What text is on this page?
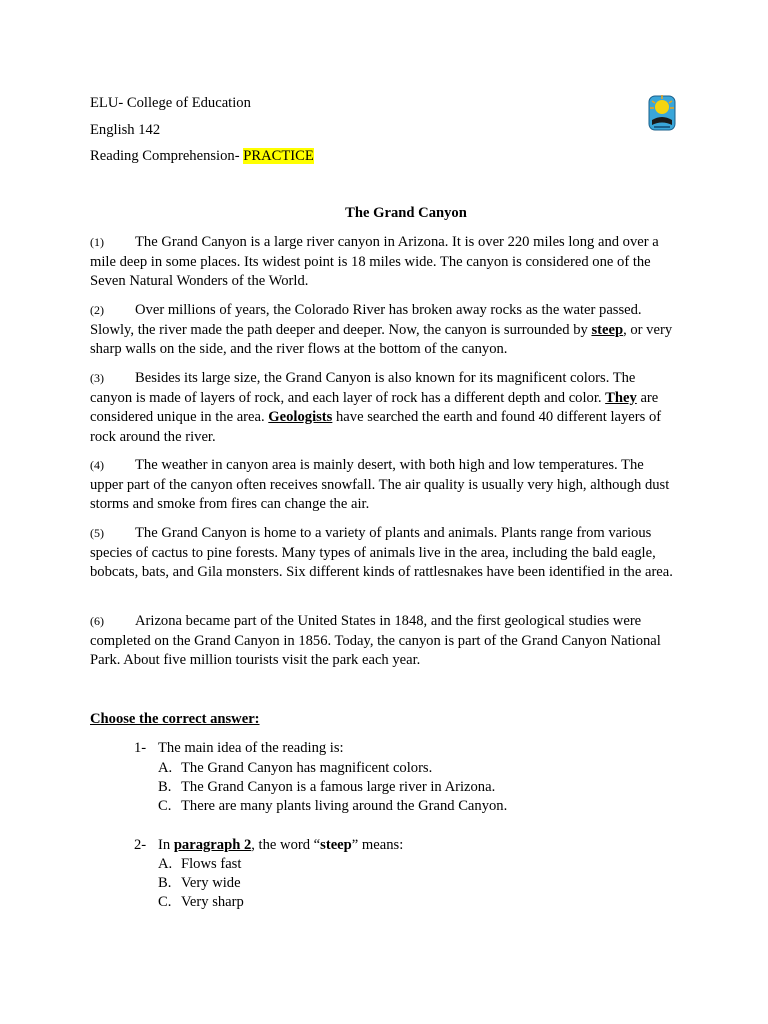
ELU- College of Education
English 142
Reading Comprehension- PRACTICE
The Grand Canyon
(1) The Grand Canyon is a large river canyon in Arizona. It is over 220 miles long and over a mile deep in some places. Its widest point is 18 miles wide. The canyon is considered one of the Seven Natural Wonders of the World.
(2) Over millions of years, the Colorado River has broken away rocks as the water passed. Slowly, the river made the path deeper and deeper. Now, the canyon is surrounded by steep, or very sharp walls on the side, and the river flows at the bottom of the canyon.
(3) Besides its large size, the Grand Canyon is also known for its magnificent colors. The canyon is made of layers of rock, and each layer of rock has a different depth and color. They are considered unique in the area. Geologists have searched the earth and found 40 different layers of rock around the river.
(4) The weather in canyon area is mainly desert, with both high and low temperatures. The upper part of the canyon often receives snowfall. The air quality is usually very high, although dust storms and smoke from fires can change the air.
(5) The Grand Canyon is home to a variety of plants and animals. Plants range from various species of cactus to pine forests. Many types of animals live in the area, including the bald eagle, bobcats, bats, and Gila monsters. Six different kinds of rattlesnakes have been identified in the area.
(6) Arizona became part of the United States in 1848, and the first geological studies were completed on the Grand Canyon in 1856. Today, the canyon is part of the Grand Canyon National Park. About five million tourists visit the park each year.
Choose the correct answer:
1- The main idea of the reading is:
A. The Grand Canyon has magnificent colors.
B. The Grand Canyon is a famous large river in Arizona.
C. There are many plants living around the Grand Canyon.
2- In paragraph 2, the word “steep” means:
A. Flows fast
B. Very wide
C. Very sharp
